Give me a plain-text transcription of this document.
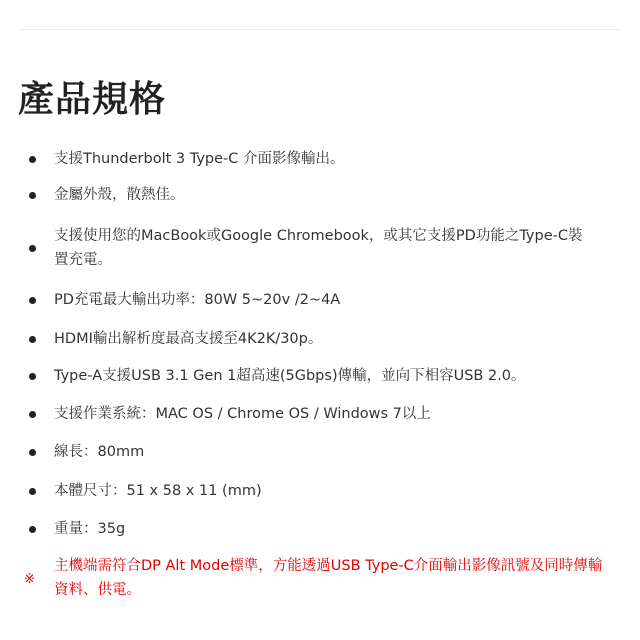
產品規格
支援Thunderbolt 3 Type-C 介面影像輸出。
金屬外殼，散熱佳。
支援使用您的MacBook或Google Chromebook，或其它支援PD功能之Type-C裝置充電。
PD充電最大輸出功率：80W 5~20v /2~4A
HDMI輸出解析度最高支援至4K2K/30p。
Type-A支援USB 3.1 Gen 1超高速(5Gbps)傳輸，並向下相容USB 2.0。
支援作業系統：MAC OS / Chrome OS / Windows 7以上
線長：80mm
本體尺寸：51 x 58 x 11 (mm)
重量：35g
※
主機端需符合DP Alt Mode標準，方能透過USB Type-C介面輸出影像訊號及同時傳輸資料、供電。
